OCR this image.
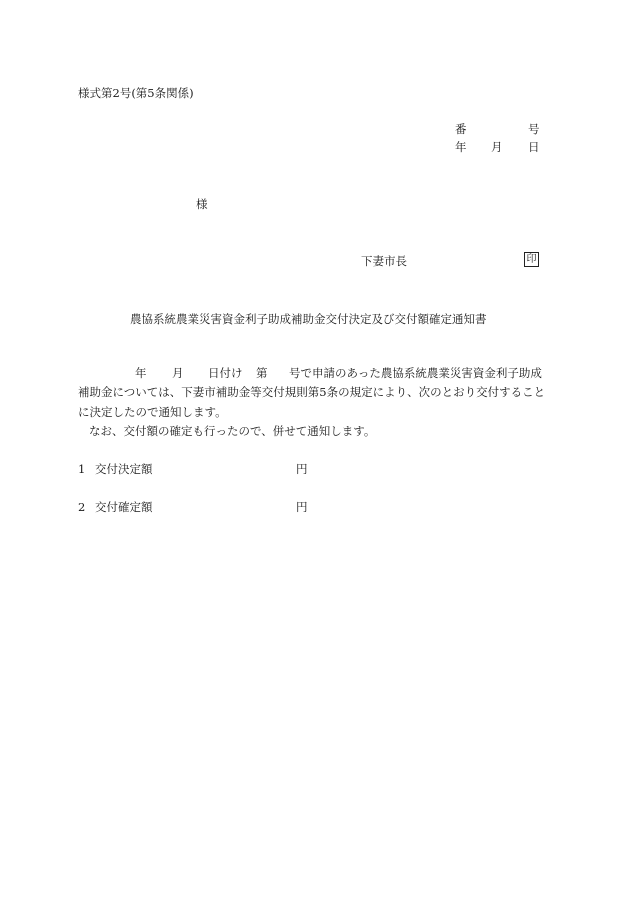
様式第2号(第5条関係)
番	号
年 月 日
様
下妻市長	印
農協系統農業災害資金利子助成補助金交付決定及び交付額確定通知書
年 月 日付け 第 号で申請のあった農協系統農業災害資金利子助成
補助金については、下妻市補助金等交付規則第5条の規定により、次のとおり交付すること
に決定したので通知します。
なお、交付額の確定も行ったので、併せて通知します。
1 交付決定額	円
2 交付確定額	円
